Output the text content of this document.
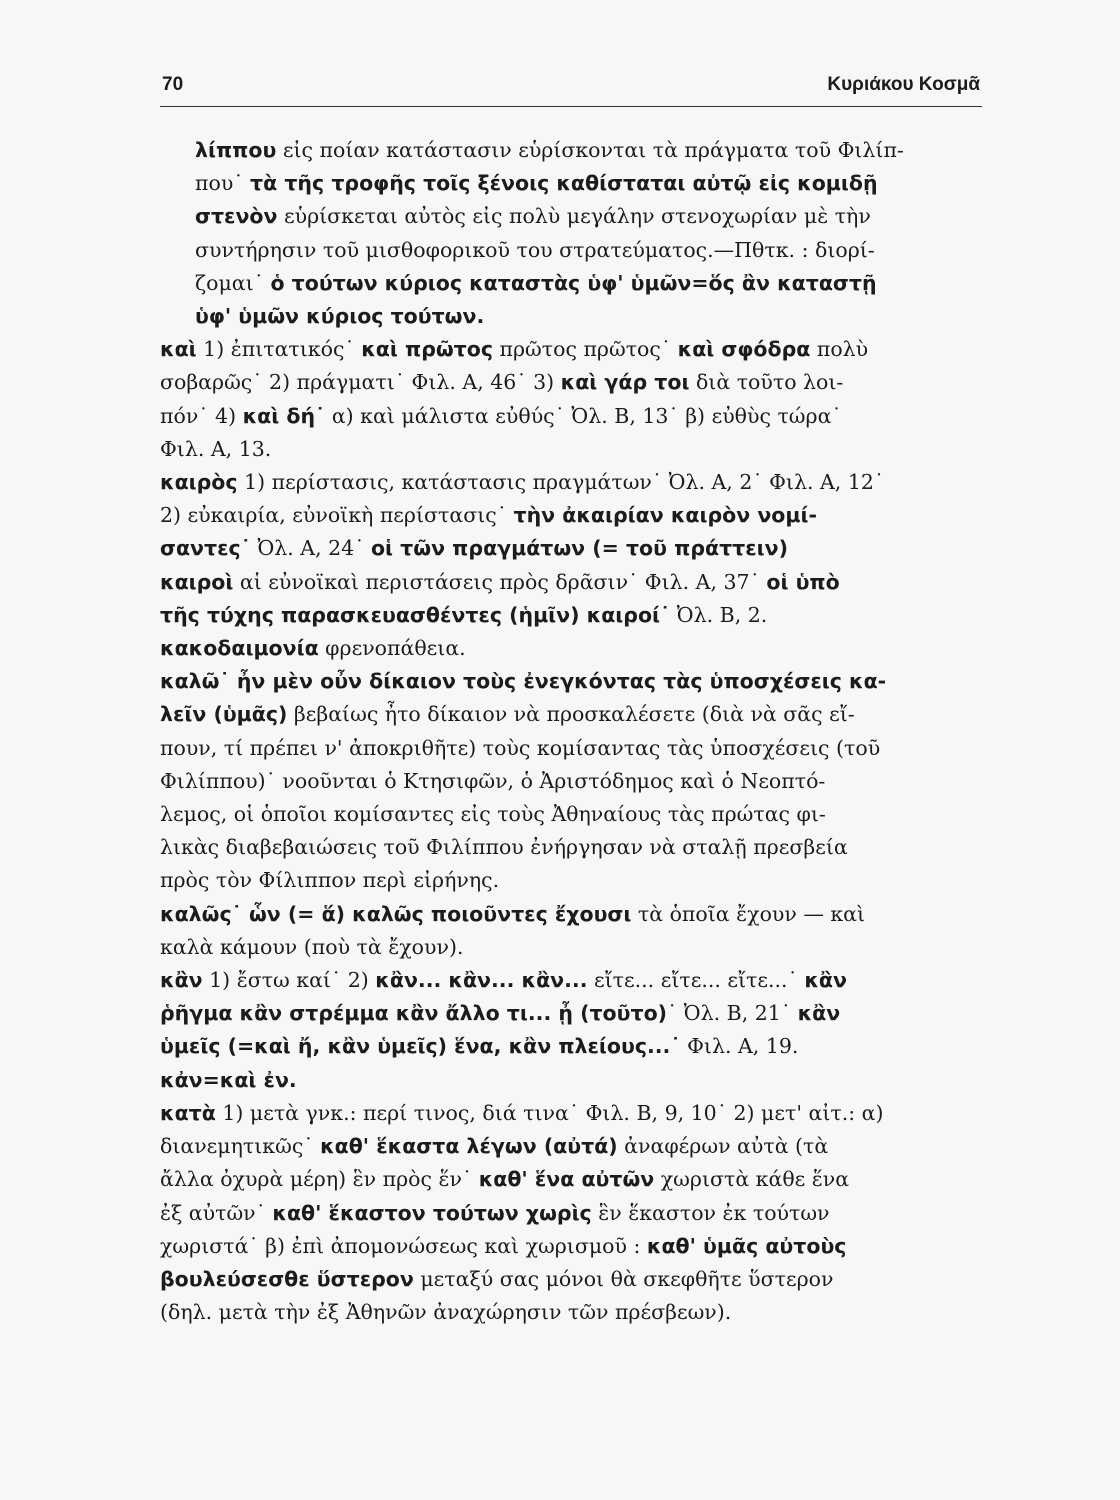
70	Κυριάκου Κοσμᾶ
λίππου εἰς ποίαν κατάστασιν εὑρίσκονται τὰ πράγματα τοῦ Φιλίπ-
που˙ τὰ τῆς τροφῆς τοῖς ξένοις καθίσταται αὐτῷ εἰς κομιδῇ
στενὸν εὑρίσκεται αὐτὸς εἰς πολὺ μεγάλην στενοχωρίαν μὲ τὴν
συντήρησιν τοῦ μισθοφορικοῦ του στρατεύματος.—Πθτκ. : διορί-
ζομαι˙ ὁ τούτων κύριος καταστὰς ὑφ' ὑμῶν=ὅς ἂν καταστῇ
ὑφ' ὑμῶν κύριος τούτων.
καὶ 1) ἐπιτατικός˙ καὶ πρῶτος πρῶτος πρῶτος˙ καὶ σφόδρα πολὺ
σοβαρῶς˙ 2) πράγματι˙ Φιλ. Α, 46˙ 3) καὶ γάρ τοι διὰ τοῦτο λοι-
πόν˙ 4) καὶ δή˙ α) καὶ μάλιστα εὐθύς˙ Ὀλ. Β, 13˙ β) εὐθὺς τώρα˙
Φιλ. Α, 13.
καιρὸς 1) περίστασις, κατάστασις πραγμάτων˙ Ὀλ. Α, 2˙ Φιλ. Α, 12˙
2) εὐκαιρία, εὐνοϊκὴ περίστασις˙ τὴν ἀκαιρίαν καιρὸν νομί-
σαντες˙ Ὀλ. Α, 24˙ οἱ τῶν πραγμάτων (= τοῦ πράττειν)
καιροὶ αἱ εὐνοϊκαὶ περιστάσεις πρὸς δρᾶσιν˙ Φιλ. Α, 37˙ οἱ ὑπὸ
τῆς τύχης παρασκευασθέντες (ἡμῖν) καιροί˙ Ὀλ. Β, 2.
κακοδαιμονία φρενοπάθεια.
καλῶ˙ ἦν μὲν οὖν δίκαιον τοὺς ἐνεγκόντας τὰς ὑποσχέσεις κα-
λεῖν (ὑμᾶς) βεβαίως ἦτο δίκαιον νὰ προσκαλέσετε (διὰ νὰ σᾶς εἴ-
πουν, τί πρέπει ν' ἀποκριθῆτε) τοὺς κομίσαντας τὰς ὑποσχέσεις (τοῦ
Φιλίππου)˙ νοοῦνται ὁ Κτησιφῶν, ὁ Ἀριστόδημος καὶ ὁ Νεοπτό-
λεμος, οἱ ὁποῖοι κομίσαντες εἰς τοὺς Ἀθηναίους τὰς πρώτας φι-
λικὰς διαβεβαιώσεις τοῦ Φιλίππου ἐνήργησαν νὰ σταλῇ πρεσβεία
πρὸς τὸν Φίλιππον περὶ εἰρήνης.
καλῶς˙ ὧν (= ἅ) καλῶς ποιοῦντες ἔχουσι τὰ ὁποῖα ἔχουν — καὶ
καλὰ κάμουν (ποὺ τὰ ἔχουν).
κἂν 1) ἔστω καί˙ 2) κἂν... κἂν... κἂν... εἴτε... εἴτε... εἴτε...˙ κἂν
ῥῆγμα κἂν στρέμμα κἂν ἄλλο τι... ᾖ (τοῦτο)˙ Ὀλ. Β, 21˙ κἂν
ὑμεῖς (=καὶ ἤ, κἂν ὑμεῖς) ἕνα, κἂν πλείους...˙ Φιλ. Α, 19.
κἀν=καὶ ἐν.
κατὰ 1) μετὰ γνκ.: περί τινος, διά τινα˙ Φιλ. Β, 9, 10˙ 2) μετ' αἰτ.: α)
διανεμητικῶς˙ καθ' ἕκαστα λέγων (αὐτά) ἀναφέρων αὐτὰ (τὰ
ἄλλα ὀχυρὰ μέρη) ἓν πρὸς ἕν˙ καθ' ἕνα αὐτῶν χωριστὰ κάθε ἕνα
ἐξ αὐτῶν˙ καθ' ἕκαστον τούτων χωρὶς ἓν ἕκαστον ἐκ τούτων
χωριστά˙ β) ἐπὶ ἀπομονώσεως καὶ χωρισμοῦ : καθ' ὑμᾶς αὐτοὺς
βουλεύσεσθε ὕστερον μεταξύ σας μόνοι θὰ σκεφθῆτε ὕστερον
(δηλ. μετὰ τὴν ἐξ Ἀθηνῶν ἀναχώρησιν τῶν πρέσβεων).
